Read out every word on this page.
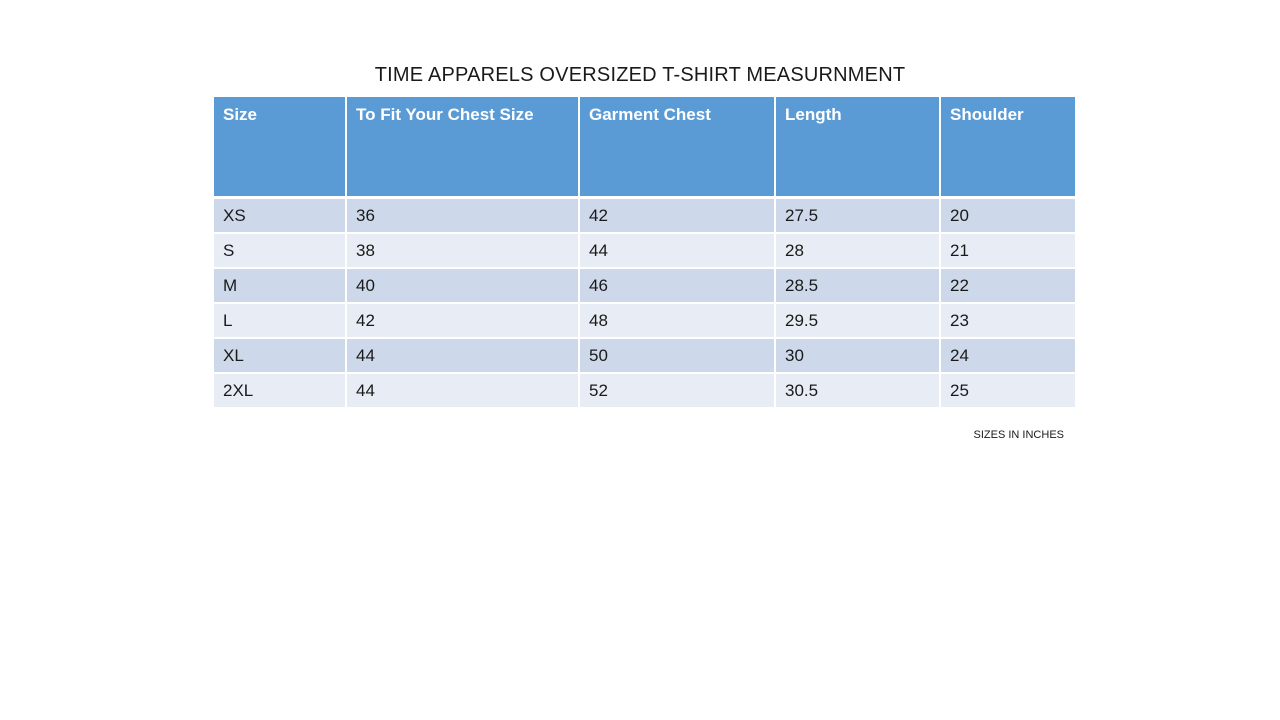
TIME APPARELS OVERSIZED T-SHIRT MEASURNMENT
Size	To Fit Your Chest Size	Garment Chest	Length	Shoulder
XS	36	42	27.5	20
S	38	44	28	21
M	40	46	28.5	22
L	42	48	29.5	23
XL	44	50	30	24
2XL	44	52	30.5	25
SIZES IN INCHES
